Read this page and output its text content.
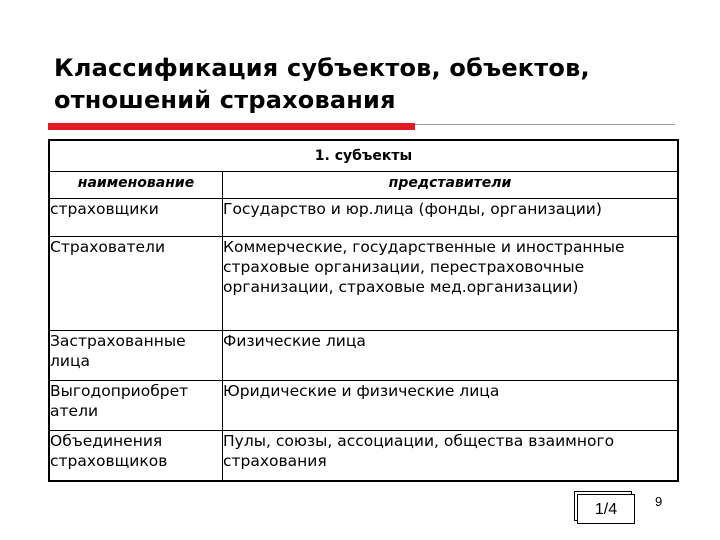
Классификация субъектов, объектов,
отношений страхования
1. субъекты	
наименование	представители
страховщики	Государство и юр.лица (фонды, организации)
Страхователи	Коммерческие, государственные и иностранные страховые организации, перестраховочные организации, страховые мед.организации)
Застрахованные лица	Физические лица
Выгодоприобрет атели	Юридические и физические лица
Объединения страховщиков	Пулы, союзы, ассоциации, общества взаимного страхования
1/4	9
